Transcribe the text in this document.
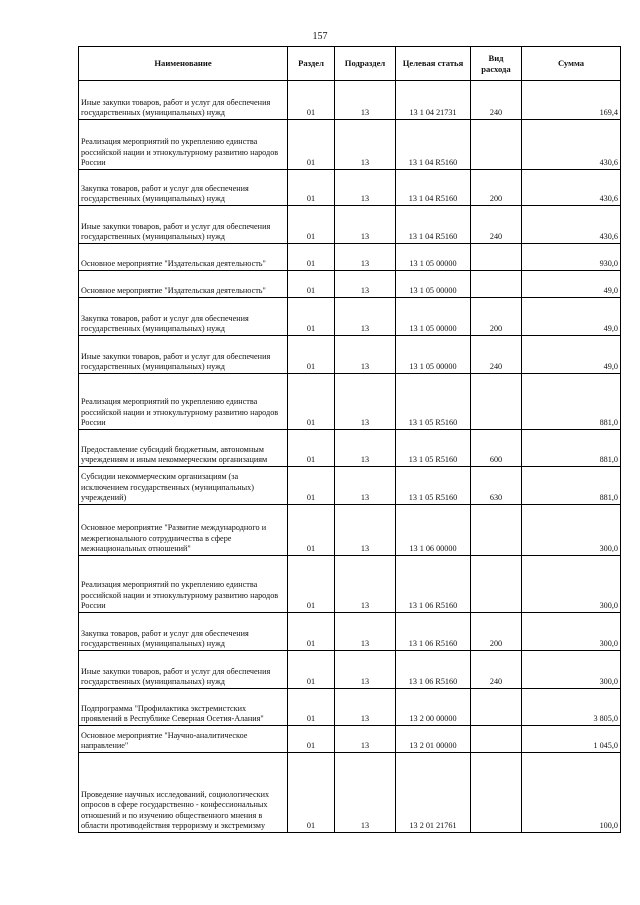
157
Наименование	Раздел	Подраздел	Целевая статья	Вид расхода	Сумма
Иные закупки товаров, работ и услуг для обеспечения государственных (муниципальных) нужд	01	13	13 1 04 21731	240	169,4
Реализация мероприятий по укреплению единства российской нации и этнокультурному развитию народов России	01	13	13 1 04 R5160		430,6
Закупка товаров, работ и услуг для обеспечения государственных (муниципальных) нужд	01	13	13 1 04 R5160	200	430,6
Иные закупки товаров, работ и услуг для обеспечения государственных (муниципальных) нужд	01	13	13 1 04 R5160	240	430,6
Основное мероприятие "Издательская деятельность"	01	13	13 1 05 00000		930,0
Основное мероприятие "Издательская деятельность"	01	13	13 1 05 00000		49,0
Закупка товаров, работ и услуг для обеспечения государственных (муниципальных) нужд	01	13	13 1 05 00000	200	49,0
Иные закупки товаров, работ и услуг для обеспечения государственных (муниципальных) нужд	01	13	13 1 05 00000	240	49,0
Реализация мероприятий по укреплению единства российской нации и этнокультурному развитию народов России	01	13	13 1 05 R5160		881,0
Предоставление субсидий бюджетным, автономным учреждениям и иным некоммерческим организациям	01	13	13 1 05 R5160	600	881,0
Субсидии некоммерческим организациям (за исключением государственных (муниципальных) учреждений)	01	13	13 1 05 R5160	630	881,0
Основное мероприятие "Развитие международного и межрегионального сотрудничества в сфере межнациональных отношений"	01	13	13 1 06 00000		300,0
Реализация мероприятий по укреплению единства российской нации и этнокультурному развитию народов России	01	13	13 1 06 R5160		300,0
Закупка товаров, работ и услуг для обеспечения государственных (муниципальных) нужд	01	13	13 1 06 R5160	200	300,0
Иные закупки товаров, работ и услуг для обеспечения государственных (муниципальных) нужд	01	13	13 1 06 R5160	240	300,0
Подпрограмма "Профилактика экстремистских проявлений в Республике Северная Осетия-Алания"	01	13	13 2 00 00000		3 805,0
Основное мероприятие "Научно-аналитическое направление"	01	13	13 2 01 00000		1 045,0
Проведение научных исследований, социологических опросов в сфере государственно - конфессиональных отношений и по изучению общественного мнения в области противодействия терроризму и экстремизму	01	13	13 2 01 21761		100,0
